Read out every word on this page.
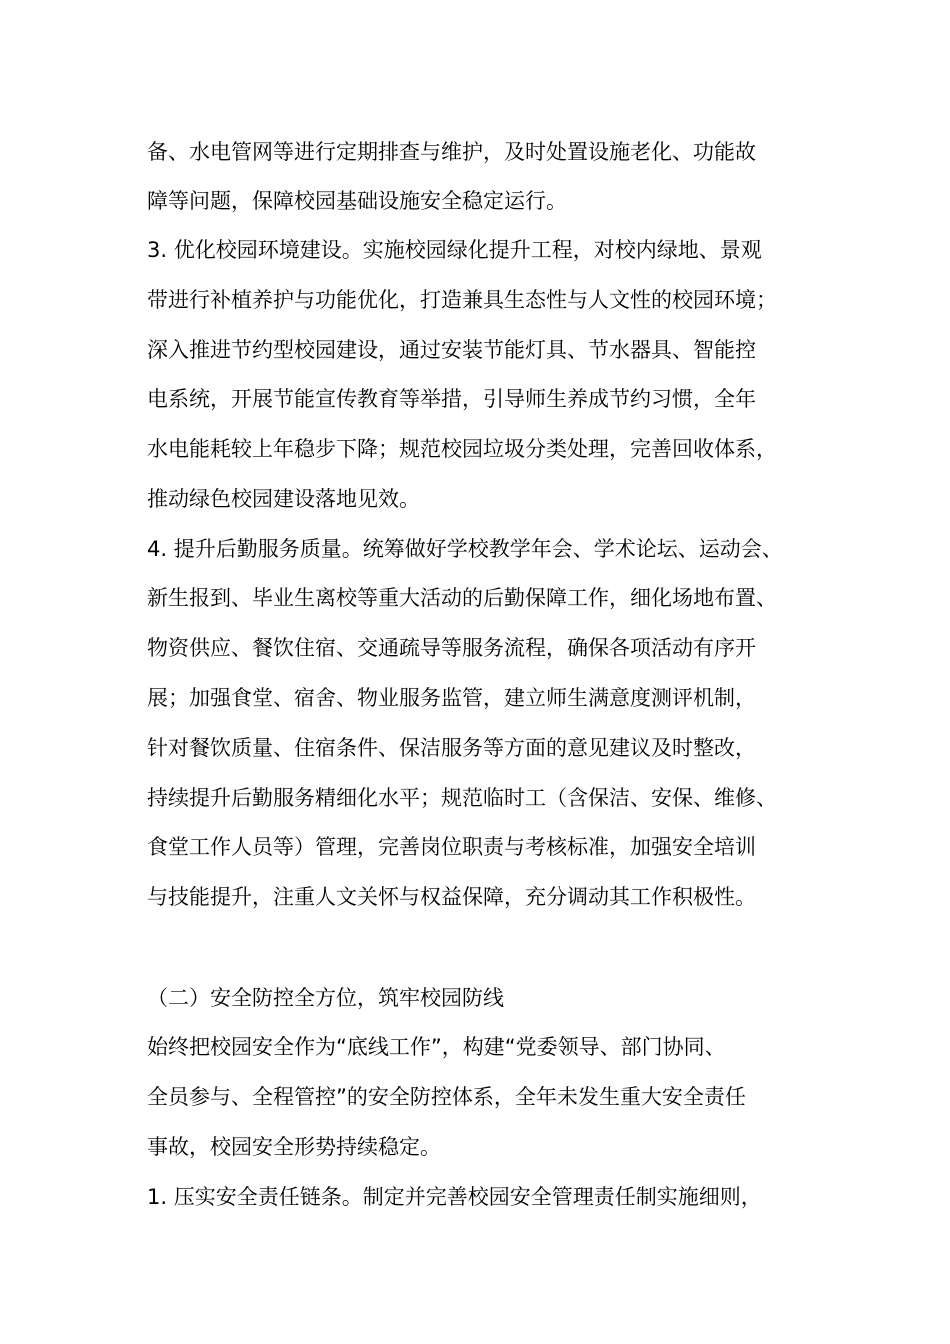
备、水电管网等进行定期排查与维护，及时处置设施老化、功能故
障等问题，保障校园基础设施安全稳定运行。
3. 优化校园环境建设。实施校园绿化提升工程，对校内绿地、景观
带进行补植养护与功能优化，打造兼具生态性与人文性的校园环境；
深入推进节约型校园建设，通过安装节能灯具、节水器具、智能控
电系统，开展节能宣传教育等举措，引导师生养成节约习惯，全年
水电能耗较上年稳步下降；规范校园垃圾分类处理，完善回收体系，
推动绿色校园建设落地见效。
4. 提升后勤服务质量。统筹做好学校教学年会、学术论坛、运动会、
新生报到、毕业生离校等重大活动的后勤保障工作，细化场地布置、
物资供应、餐饮住宿、交通疏导等服务流程，确保各项活动有序开
展；加强食堂、宿舍、物业服务监管，建立师生满意度测评机制，
针对餐饮质量、住宿条件、保洁服务等方面的意见建议及时整改，
持续提升后勤服务精细化水平；规范临时工（含保洁、安保、维修、
食堂工作人员等）管理，完善岗位职责与考核标准，加强安全培训
与技能提升，注重人文关怀与权益保障，充分调动其工作积极性。
（二）安全防控全方位，筑牢校园防线
始终把校园安全作为“底线工作”，构建“党委领导、部门协同、
全员参与、全程管控”的安全防控体系，全年未发生重大安全责任
事故，校园安全形势持续稳定。
1. 压实安全责任链条。制定并完善校园安全管理责任制实施细则，
